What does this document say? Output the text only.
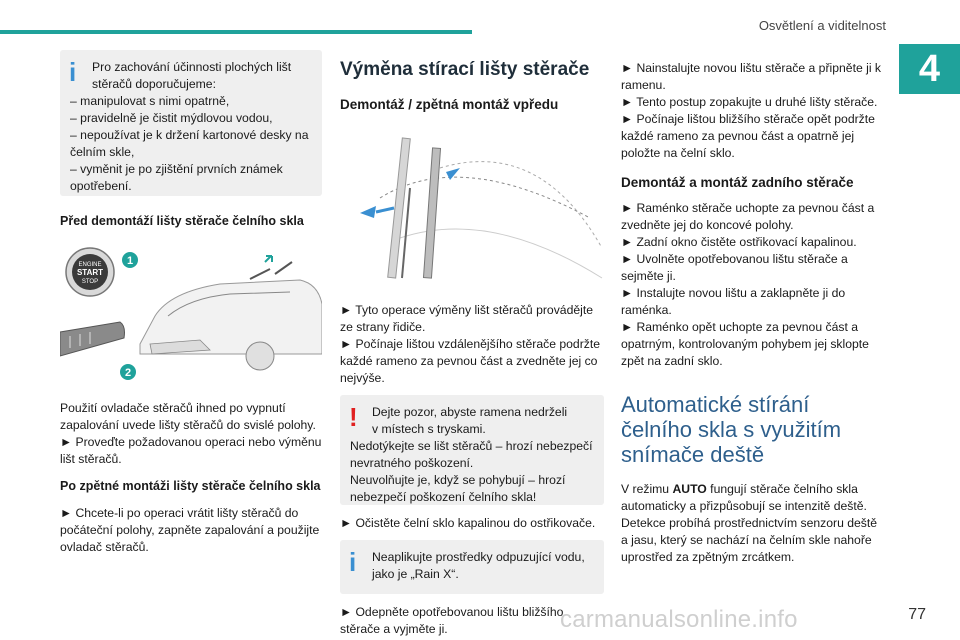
Osvětlení a viditelnost
4
i Pro zachování účinnosti plochých lišt

stěračů doporučujeme:

– manipulovat s nimi opatrně,

– pravidelně je čistit mýdlovou vodou,

– nepoužívat je k držení kartonové desky na čelním skle,

– vyměnit je po zjištění prvních známek opotřebení.

Před demontáží lišty stěrače čelního skla
ENGINE
START
STOP
1
2

Použití ovladače stěračů ihned po vypnutí zapalování uvede lišty stěračů do svislé polohy.

► Proveďte požadovanou operaci nebo výměnu lišt stěračů.

Po zpětné montáži lišty stěrače čelního skla

► Chcete-li po operaci vrátit lišty stěračů do počáteční polohy, zapněte zapalování a použijte ovladač stěračů.

Výměna stírací lišty stěrače
Demontáž / zpětná montáž vpředu

► Tyto operace výměny lišt stěračů provádějte ze strany řidiče.

► Počínaje lištou vzdálenějšího stěrače podržte každé rameno za pevnou část a zvedněte jej co nejvýše.

! Dejte pozor, abyste ramena nedrželi

v místech s tryskami.

Nedotýkejte se lišt stěračů – hrozí nebezpečí nevratného poškození.

Neuvolňujte je, když se pohybují – hrozí nebezpečí poškození čelního skla!

► Očistěte čelní sklo kapalinou do ostřikovače.

i Neaplikujte prostředky odpuzující vodu,

jako je „Rain X“.

► Odepněte opotřebovanou lištu bližšího stěrače a vyjměte ji.

► Nainstalujte novou lištu stěrače a připněte ji k ramenu.

► Tento postup zopakujte u druhé lišty stěrače.

► Počínaje lištou bližšího stěrače opět podržte každé rameno za pevnou část a opatrně jej položte na čelní sklo.

Demontáž a montáž zadního stěrače

► Raménko stěrače uchopte za pevnou část a zvedněte jej do koncové polohy.

► Zadní okno čistěte ostřikovací kapalinou.

► Uvolněte opotřebovanou lištu stěrače a sejměte ji.

► Instalujte novou lištu a zaklapněte ji do raménka.

► Raménko opět uchopte za pevnou část a opatrným, kontrolovaným pohybem jej sklopte zpět na zadní sklo.

Automatické stírání čelního skla s využitím snímače deště

V režimu AUTO fungují stěrače čelního skla automaticky a přizpůsobují se intenzitě deště. Detekce probíhá prostřednictvím senzoru deště a jasu, který se nachází na čelním skle nahoře uprostřed za zpětným zrcátkem.

carmanualsonline.info	77
